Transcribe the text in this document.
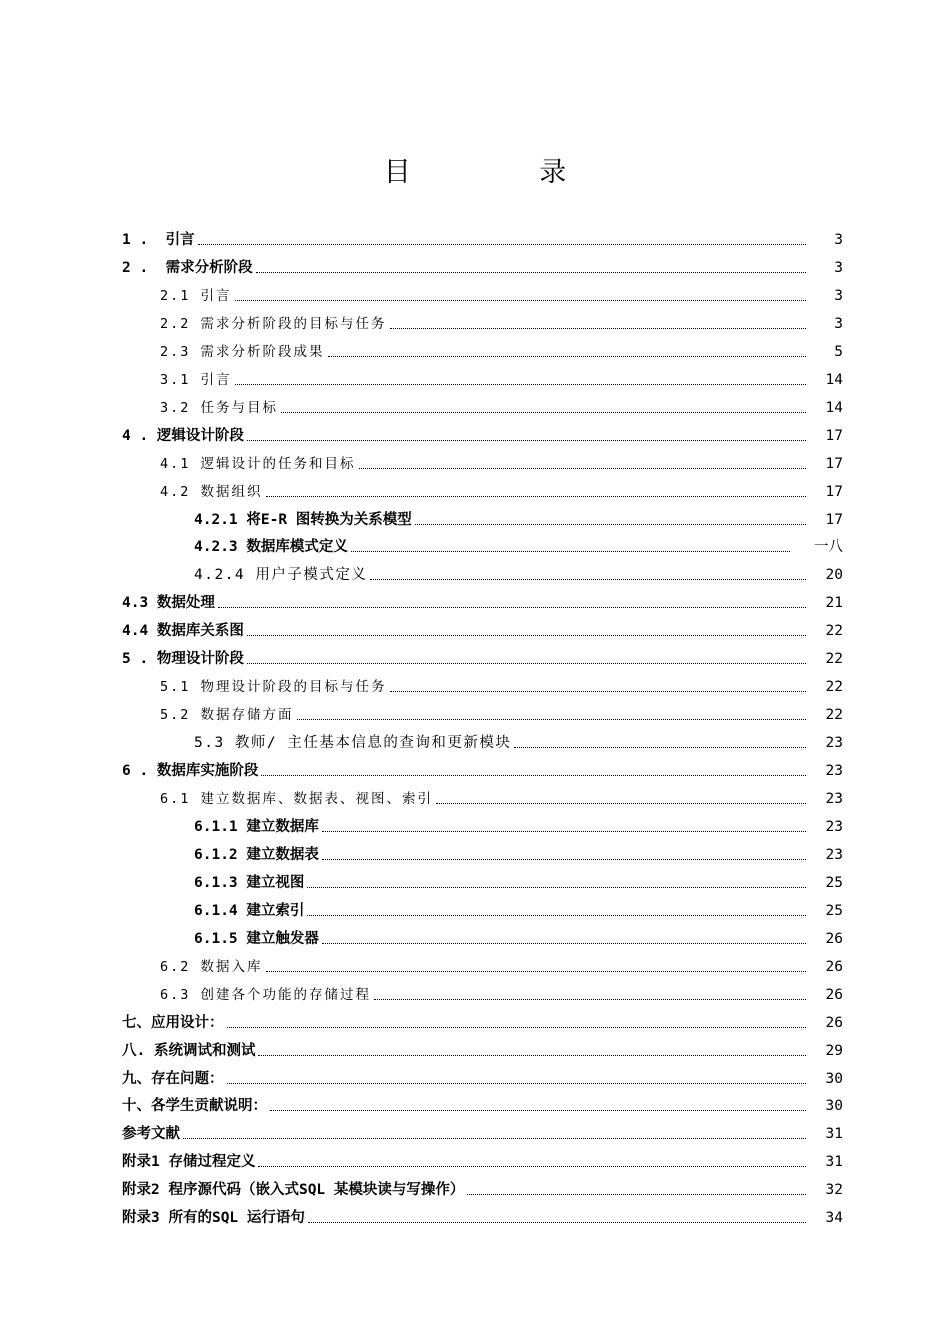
目 录
1 .  引言	3
2 .  需求分析阶段	3
2.1 引言	3
2.2 需求分析阶段的目标与任务	3
2.3 需求分析阶段成果	5
3.1 引言	14
3.2 任务与目标	14
4 . 逻辑设计阶段	17
4.1 逻辑设计的任务和目标	17
4.2 数据组织	17
4.2.1 将E-R 图转换为关系模型	17
4.2.3 数据库模式定义	一八
4.2.4 用户子模式定义	20
4.3 数据处理	21
4.4 数据库关系图	22
5 . 物理设计阶段	22
5.1 物理设计阶段的目标与任务	22
5.2 数据存储方面	22
5.3 教师/ 主任基本信息的查询和更新模块	23
6 . 数据库实施阶段	23
6.1 建立数据库、数据表、视图、索引	23
6.1.1 建立数据库	23
6.1.2 建立数据表	23
6.1.3 建立视图	25
6.1.4 建立索引	25
6.1.5 建立触发器	26
6.2 数据入库	26
6.3 创建各个功能的存储过程	26
七、应用设计：	26
八. 系统调试和测试	29
九、存在问题：	30
十、各学生贡献说明：	30
参考文献	31
附录1 存储过程定义	31
附录2 程序源代码（嵌入式SQL 某模块读与写操作）	32
附录3 所有的SQL 运行语句	34
